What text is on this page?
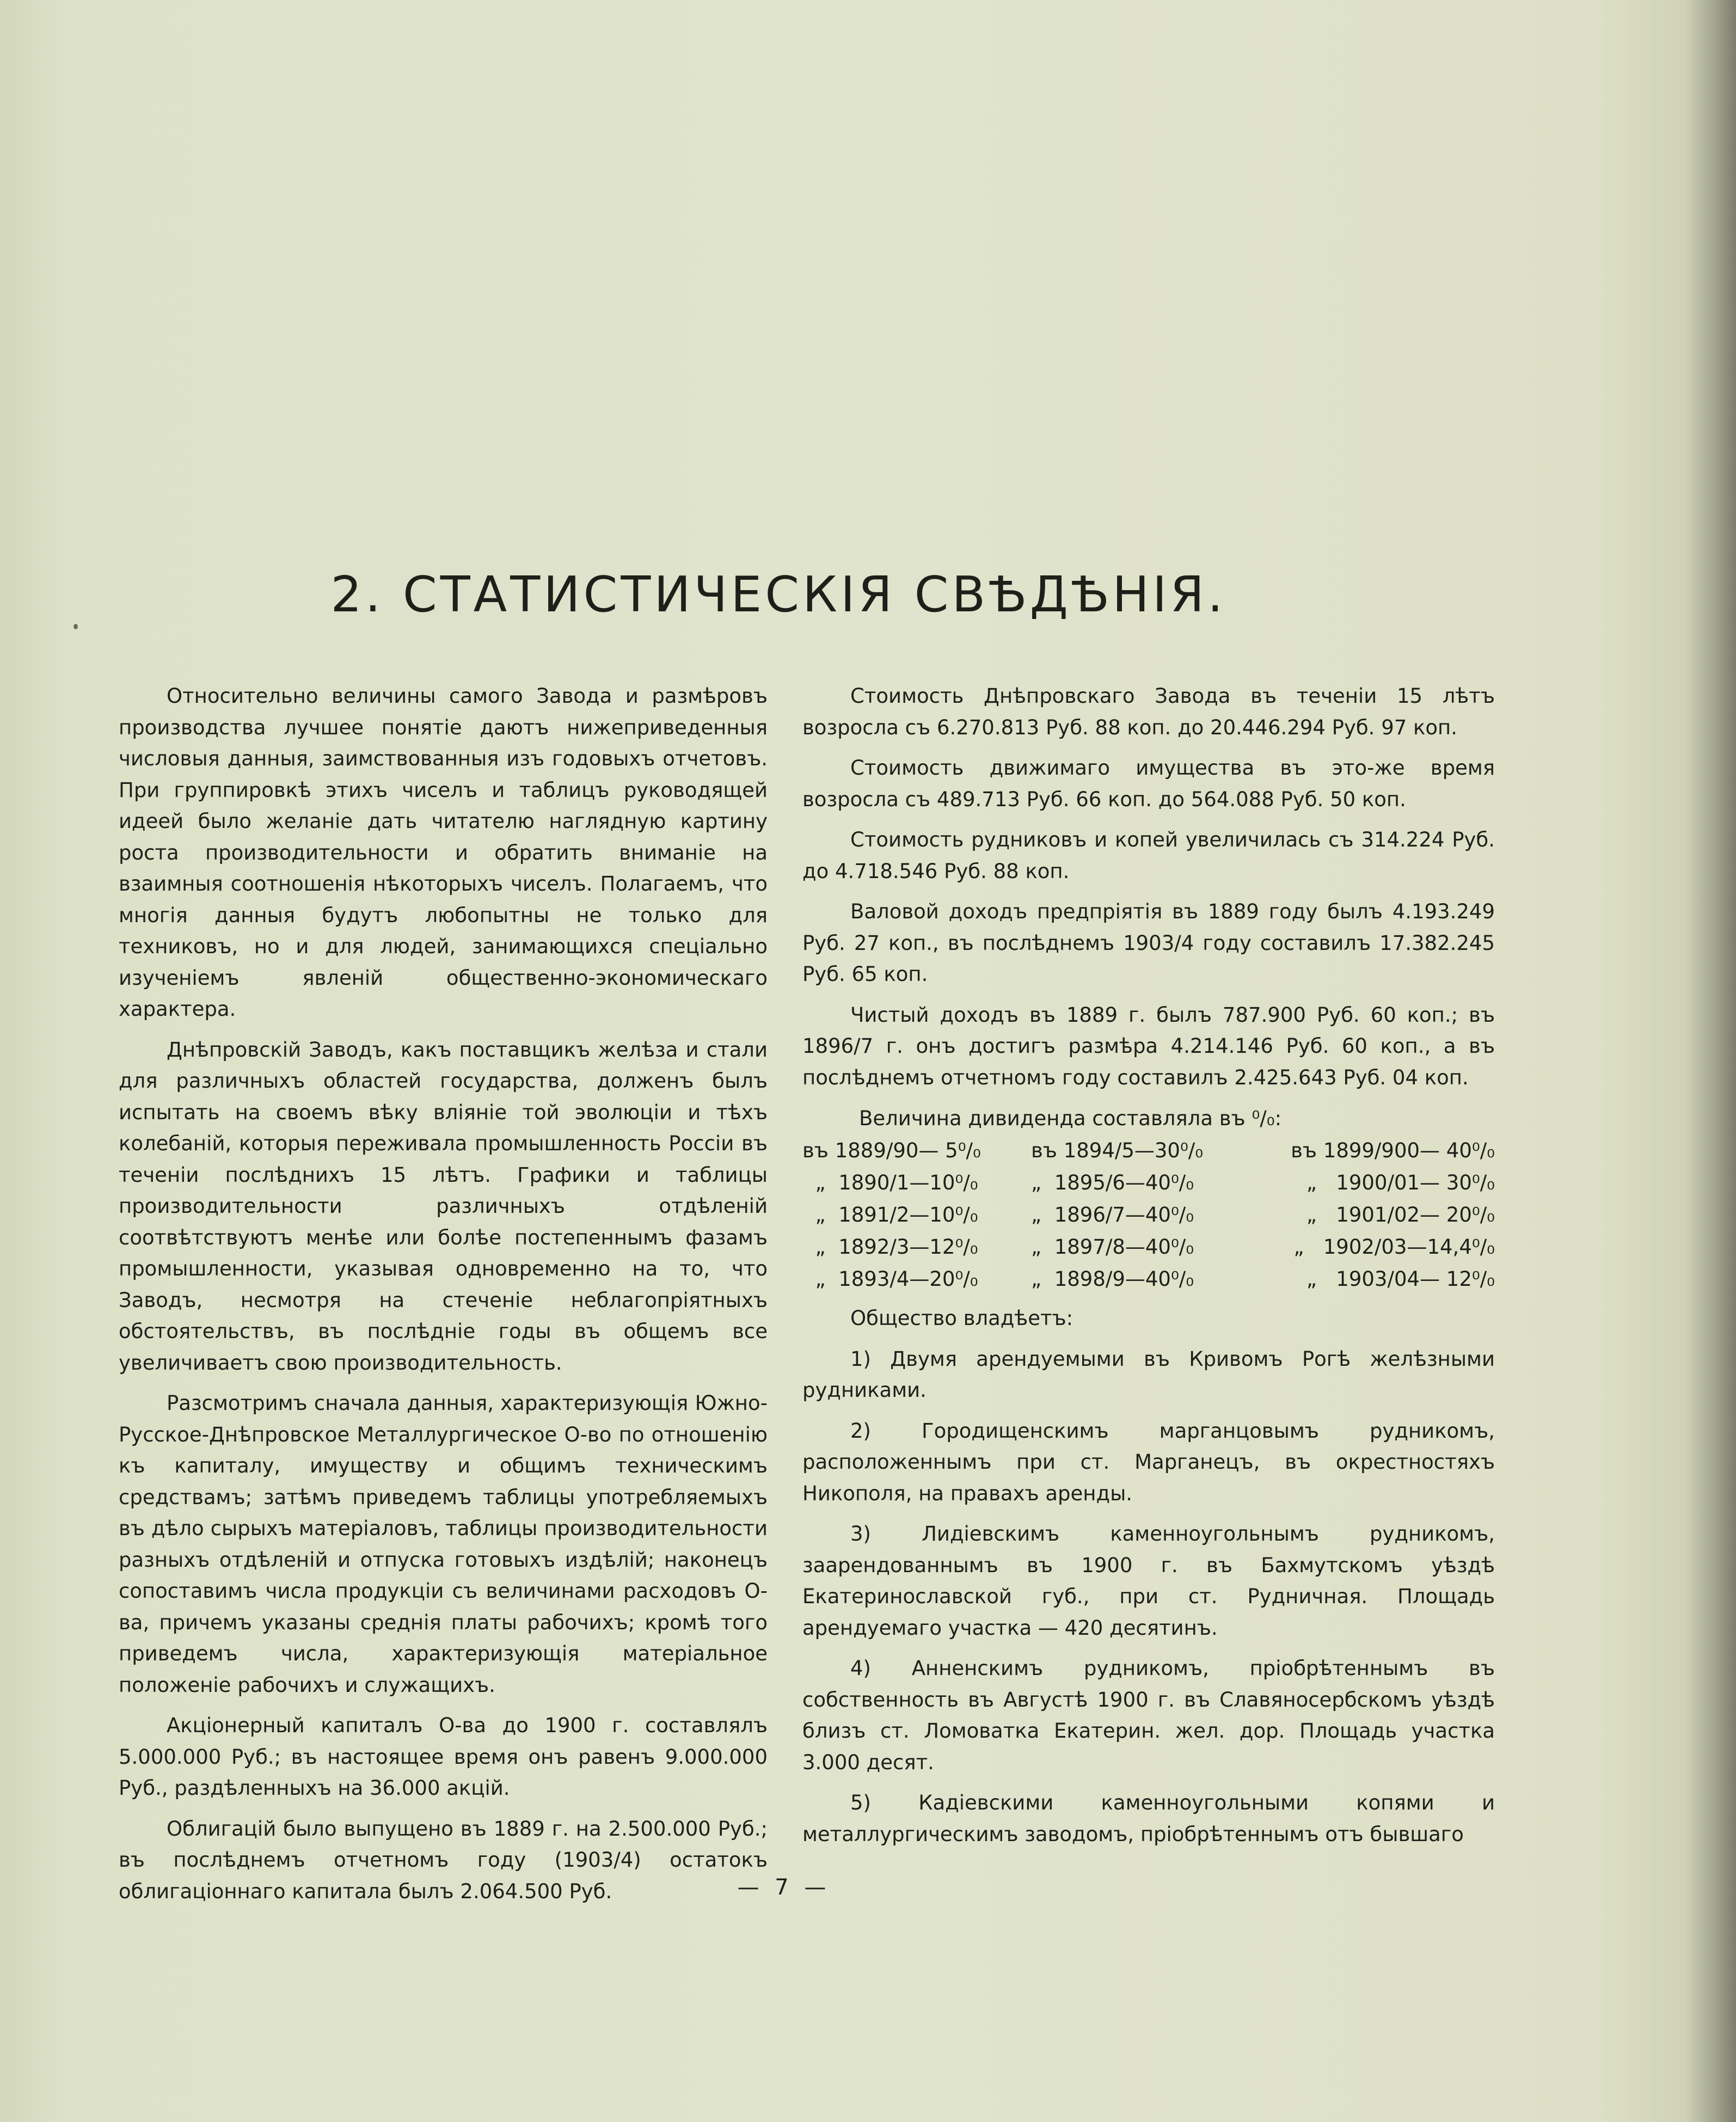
2. СТАТИСТИЧЕСКIЯ СВѢДѢНIЯ.

Относительно величины самого Завода и размѣровъ производства лучшее понятіе даютъ нижеприведенныя числовыя данныя, заимствованныя изъ годовыхъ отчетовъ. При группировкѣ этихъ чиселъ и таблицъ руководящей идеей было желаніе дать читателю наглядную картину роста производительности и обратить вниманіе на взаимныя соотношенія нѣкоторыхъ чиселъ. Полагаемъ, что многія данныя будутъ любопытны не только для техниковъ, но и для людей, занимающихся спеціально изученіемъ явленій общественно-экономическаго характера.

Днѣпровскій Заводъ, какъ поставщикъ желѣза и стали для различныхъ областей государства, долженъ былъ испытать на своемъ вѣку вліяніе той эволюціи и тѣхъ колебаній, которыя переживала промышленность Россіи въ теченіи послѣднихъ 15 лѣтъ. Графики и таблицы производительности различныхъ отдѣленій соотвѣтствуютъ менѣе или болѣе постепеннымъ фазамъ промышленности, указывая одновременно на то, что Заводъ, несмотря на стеченіе неблагопріятныхъ обстоятельствъ, въ послѣдніе годы въ общемъ все увеличиваетъ свою производительность.

Разсмотримъ сначала данныя, характеризующія Южно-Русское-Днѣпровское Металлургическое О-во по отношенію къ капиталу, имуществу и общимъ техническимъ средствамъ; затѣмъ приведемъ таблицы употребляемыхъ въ дѣло сырыхъ матеріаловъ, таблицы производительности разныхъ отдѣленій и отпуска готовыхъ издѣлій; наконецъ сопоставимъ числа продукціи съ величинами расходовъ О-ва, причемъ указаны среднія платы рабочихъ; кромѣ того приведемъ числа, характеризующія матеріальное положеніе рабочихъ и служащихъ.

Акціонерный капиталъ О-ва до 1900 г. составлялъ 5.000.000 Руб.; въ настоящее время онъ равенъ 9.000.000 Руб., раздѣленныхъ на 36.000 акцій.

Облигацій было выпущено въ 1889 г. на 2.500.000 Руб.; въ послѣднемъ отчетномъ году (1903/4) остатокъ облигаціоннаго капитала былъ 2.064.500 Руб.

Стоимость Днѣпровскаго Завода въ теченіи 15 лѣтъ возросла съ 6.270.813 Руб. 88 коп. до 20.446.294 Руб. 97 коп.

Стоимость движимаго имущества въ это-же время возросла съ 489.713 Руб. 66 коп. до 564.088 Руб. 50 коп.

Стоимость рудниковъ и копей увеличилась съ 314.224 Руб. до 4.718.546 Руб. 88 коп.

Валовой доходъ предпріятія въ 1889 году былъ 4.193.249 Руб. 27 коп., въ послѣднемъ 1903/4 году составилъ 17.382.245 Руб. 65 коп.

Чистый доходъ въ 1889 г. былъ 787.900 Руб. 60 коп.; въ 1896/7 г. онъ достигъ размѣра 4.214.146 Руб. 60 коп., а въ послѣднемъ отчетномъ году составилъ 2.425.643 Руб. 04 коп.

Величина дивиденда составляла въ ⁰/₀:
въ 1889/90— 5⁰/₀	въ 1894/5—30⁰/₀	въ 1899/900— 40⁰/₀
„  1890/1—10⁰/₀	„  1895/6—40⁰/₀	„   1900/01— 30⁰/₀
„  1891/2—10⁰/₀	„  1896/7—40⁰/₀	„   1901/02— 20⁰/₀
„  1892/3—12⁰/₀	„  1897/8—40⁰/₀	„   1902/03—14,4⁰/₀
„  1893/4—20⁰/₀	„  1898/9—40⁰/₀	„   1903/04— 12⁰/₀

Общество владѣетъ:

1) Двумя арендуемыми въ Кривомъ Рогѣ желѣзными рудниками.

2) Городищенскимъ марганцовымъ рудникомъ, расположеннымъ при ст. Марганецъ, въ окрестностяхъ Никополя, на правахъ аренды.

3) Лидіевскимъ каменноугольнымъ рудникомъ, заарендованнымъ въ 1900 г. въ Бахмутскомъ уѣздѣ Екатеринославской губ., при ст. Рудничная. Площадь арендуемаго участка — 420 десятинъ.

4) Анненскимъ рудникомъ, пріобрѣтеннымъ въ собственность въ Августѣ 1900 г. въ Славяносербскомъ уѣздѣ близъ ст. Ломоватка Екатерин. жел. дор. Площадь участка 3.000 десят.

5) Кадіевскими каменноугольными копями и металлургическимъ заводомъ, пріобрѣтеннымъ отъ бывшаго

— 7 —
